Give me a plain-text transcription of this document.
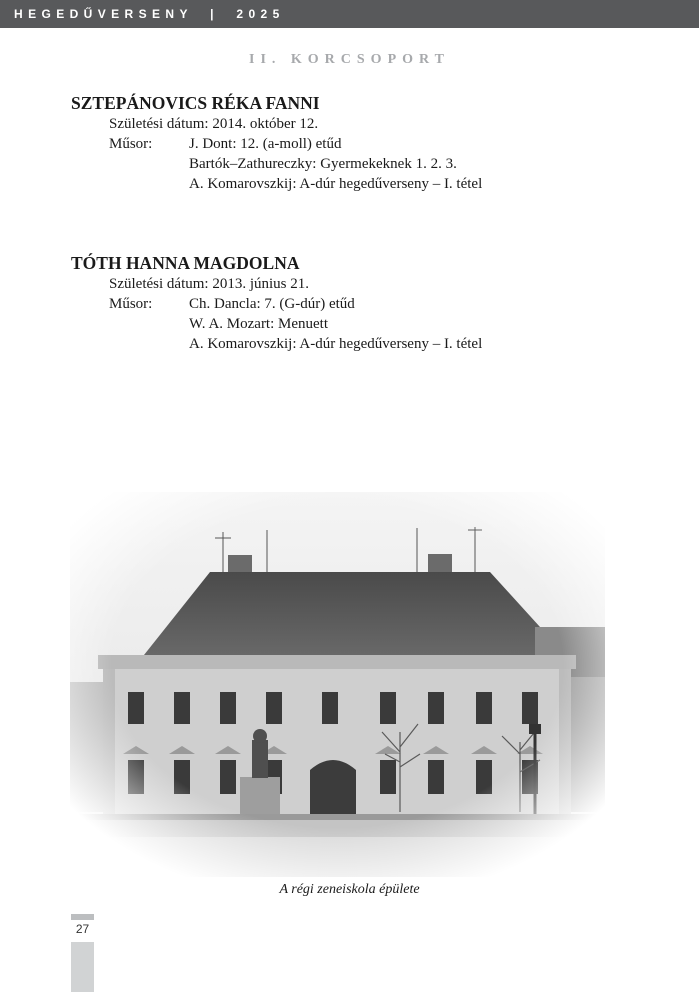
HEGEDŰVERSENY  |  2025
II. KORCSOPORT
SZTEPÁNOVICS RÉKA FANNI
Születési dátum: 2014. október 12.
Műsor:	J. Dont: 12. (a-moll) etűd
Bartók–Zathureczky: Gyermekeknek 1. 2. 3.
A. Komarovszkij: A-dúr hegedűverseny – I. tétel
TÓTH HANNA MAGDOLNA
Születési dátum: 2013. június 21.
Műsor:	Ch. Dancla: 7. (G-dúr) etűd
W. A. Mozart: Menuett
A. Komarovszkij: A-dúr hegedűverseny – I. tétel
A régi zeneiskola épülete
27
